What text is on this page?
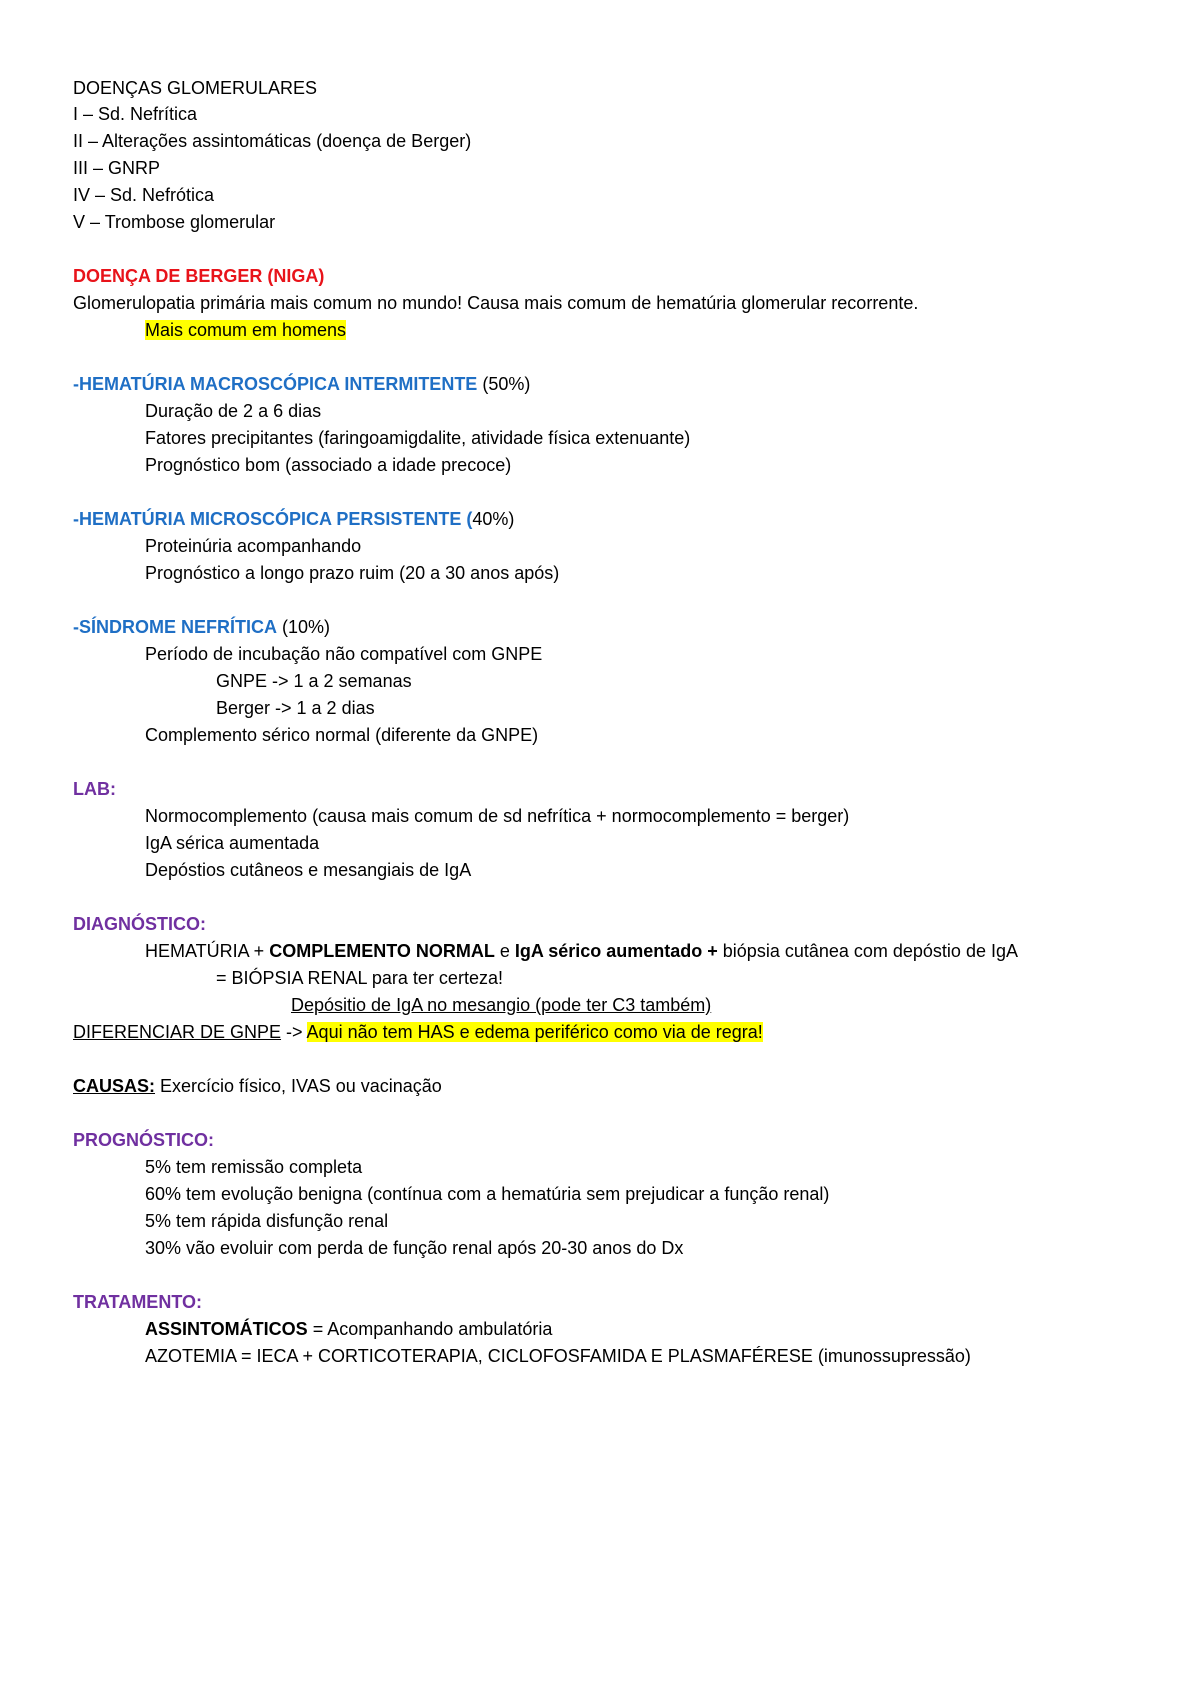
DOENÇAS GLOMERULARES
I – Sd. Nefrítica
II – Alterações assintomáticas (doença de Berger)
III – GNRP
IV – Sd. Nefrótica
V – Trombose glomerular
DOENÇA DE BERGER (NIGA)
Glomerulopatia primária mais comum no mundo! Causa mais comum de hematúria glomerular recorrente.
Mais comum em homens
-HEMATÚRIA MACROSCÓPICA INTERMITENTE (50%)
Duração de 2 a 6 dias
Fatores precipitantes (faringoamigdalite, atividade física extenuante)
Prognóstico bom (associado a idade precoce)
-HEMATÚRIA MICROSCÓPICA PERSISTENTE (40%)
Proteinúria acompanhando
Prognóstico a longo prazo ruim (20 a 30 anos após)
-SÍNDROME NEFRÍTICA (10%)
Período de incubação não compatível com GNPE
GNPE -> 1 a 2 semanas
Berger -> 1 a 2 dias
Complemento sérico normal (diferente da GNPE)
LAB:
Normocomplemento (causa mais comum de sd nefrítica + normocomplemento = berger)
IgA sérica aumentada
Depóstios cutâneos e mesangiais de IgA
DIAGNÓSTICO:
HEMATÚRIA + COMPLEMENTO NORMAL e IgA sérico aumentado + biópsia cutânea com depóstio de IgA
= BIÓPSIA RENAL para ter certeza!
Depósitio de IgA no mesangio (pode ter C3 também)
DIFERENCIAR DE GNPE -> Aqui não tem HAS e edema periférico como via de regra!
CAUSAS: Exercício físico, IVAS ou vacinação
PROGNÓSTICO:
5% tem remissão completa
60% tem evolução benigna (contínua com a hematúria sem prejudicar a função renal)
5% tem rápida disfunção renal
30% vão evoluir com perda de função renal após 20-30 anos do Dx
TRATAMENTO:
ASSINTOMÁTICOS = Acompanhando ambulatória
AZOTEMIA = IECA + CORTICOTERAPIA, CICLOFOSFAMIDA E PLASMAFÉRESE (imunossupressão)
